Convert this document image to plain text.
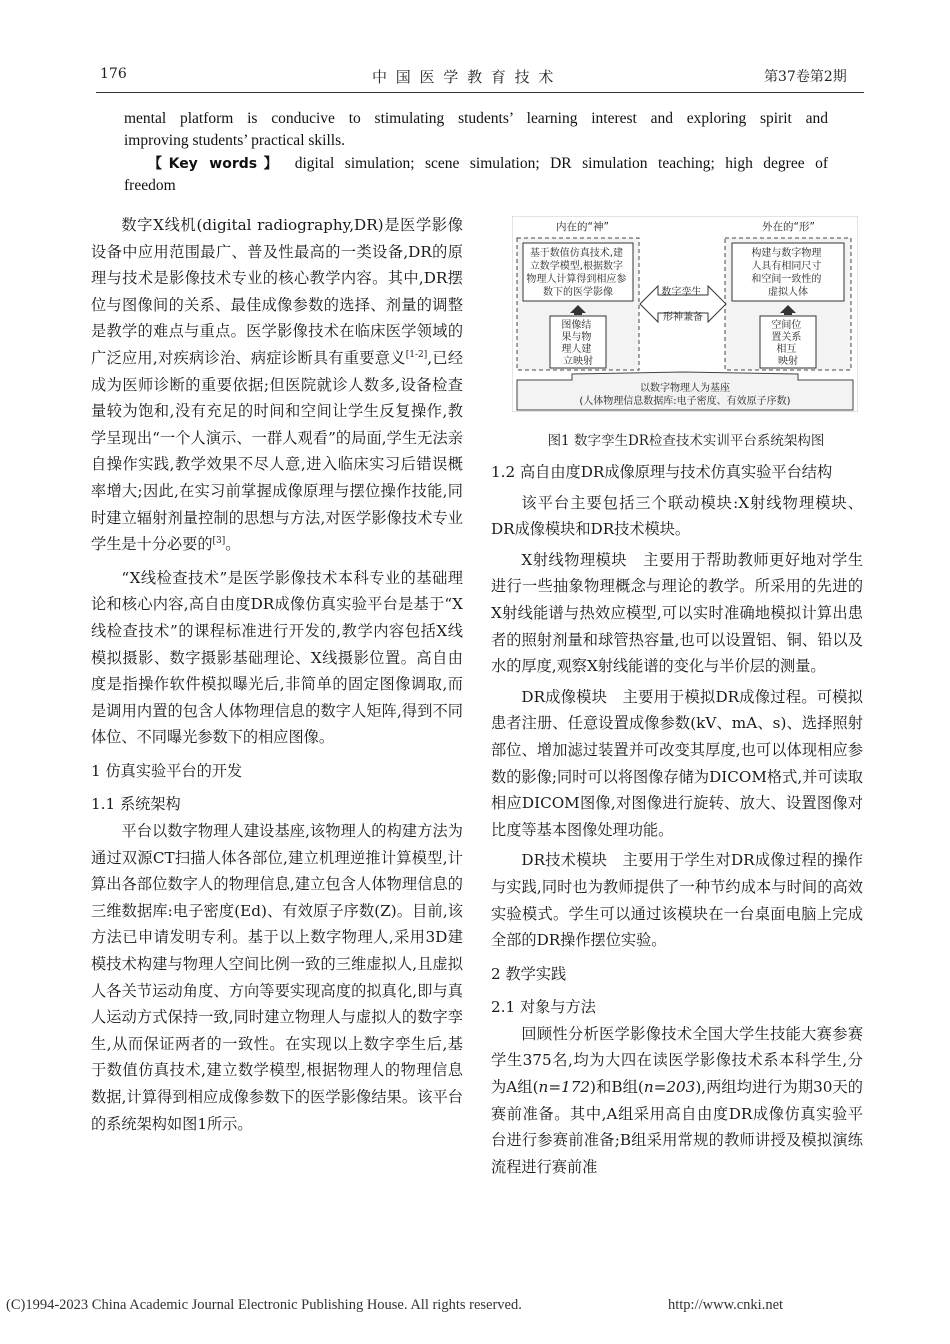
176	中 国 医 学 教 育 技 术	第37卷第2期
mental platform is conducive to stimulating students’ learning interest and exploring spirit and
improving students’ practical skills.
【Key words】 digital simulation; scene simulation; DR simulation teaching; high degree of
freedom

数字X线机(digital radiography,DR)是医学影像设备中应用范围最广、普及性最高的一类设备,DR的原理与技术是影像技术专业的核心教学内容。其中,DR摆位与图像间的关系、最佳成像参数的选择、剂量的调整是教学的难点与重点。医学影像技术在临床医学领域的广泛应用,对疾病诊治、病症诊断具有重要意义[1-2],已经成为医师诊断的重要依据;但医院就诊人数多,设备检查量较为饱和,没有充足的时间和空间让学生反复操作,教学呈现出“一个人演示、一群人观看”的局面,学生无法亲自操作实践,教学效果不尽人意,进入临床实习后错误概率增大;因此,在实习前掌握成像原理与摆位操作技能,同时建立辐射剂量控制的思想与方法,对医学影像技术专业学生是十分必要的[3]。

“X线检查技术”是医学影像技术本科专业的基础理论和核心内容,高自由度DR成像仿真实验平台是基于“X线检查技术”的课程标准进行开发的,教学内容包括X线模拟摄影、数字摄影基础理论、X线摄影位置。高自由度是指操作软件模拟曝光后,非简单的固定图像调取,而是调用内置的包含人体物理信息的数字人矩阵,得到不同体位、不同曝光参数下的相应图像。

1 仿真实验平台的开发

1.1 系统架构

平台以数字物理人建设基座,该物理人的构建方法为通过双源CT扫描人体各部位,建立机理逆推计算模型,计算出各部位数字人的物理信息,建立包含人体物理信息的三维数据库:电子密度(Ed)、有效原子序数(Z)。目前,该方法已申请发明专利。基于以上数字物理人,采用3D建模技术构建与物理人空间比例一致的三维虚拟人,且虚拟人各关节运动角度、方向等要实现高度的拟真化,即与真人运动方式保持一致,同时建立物理人与虚拟人的数字孪生,从而保证两者的一致性。在实现以上数字孪生后,基于数值仿真技术,建立数学模型,根据物理人的物理信息数据,计算得到相应成像参数下的医学影像结果。该平台的系统架构如图1所示。

内在的“神”	外在的“形”
基于数值仿真技术,建 立数学模型,根据数字 物理人计算得到相应参 数下的医学影像
构建与数字物理 人具有相同尺寸 和空间一致性的 虚拟人体
图像结 果与物 理人建 立映射
空间位 置关系 相互 映射
数字孪生 形神兼备
以数字物理人为基座
(人体物理信息数据库:电子密度、有效原子序数)
图1 数字孪生DR检查技术实训平台系统架构图

1.2 高自由度DR成像原理与技术仿真实验平台结构

该平台主要包括三个联动模块:X射线物理模块、DR成像模块和DR技术模块。

X射线物理模块 主要用于帮助教师更好地对学生进行一些抽象物理概念与理论的教学。所采用的先进的X射线能谱与热效应模型,可以实时准确地模拟计算出患者的照射剂量和球管热容量,也可以设置铝、铜、铅以及水的厚度,观察X射线能谱的变化与半价层的测量。

DR成像模块 主要用于模拟DR成像过程。可模拟患者注册、任意设置成像参数(kV、mA、s)、选择照射部位、增加滤过装置并可改变其厚度,也可以体现相应参数的影像;同时可以将图像存储为DICOM格式,并可读取相应DICOM图像,对图像进行旋转、放大、设置图像对比度等基本图像处理功能。

DR技术模块 主要用于学生对DR成像过程的操作与实践,同时也为教师提供了一种节约成本与时间的高效实验模式。学生可以通过该模块在一台桌面电脑上完成全部的DR操作摆位实验。

2 教学实践

2.1 对象与方法

回顾性分析医学影像技术全国大学生技能大赛参赛学生375名,均为大四在读医学影像技术系本科学生,分为A组(n=172)和B组(n=203),两组均进行为期30天的赛前准备。其中,A组采用高自由度DR成像仿真实验平台进行参赛前准备;B组采用常规的教师讲授及模拟演练流程进行赛前准

(C)1994-2023 China Academic Journal Electronic Publishing House. All rights reserved.	http://www.cnki.net
